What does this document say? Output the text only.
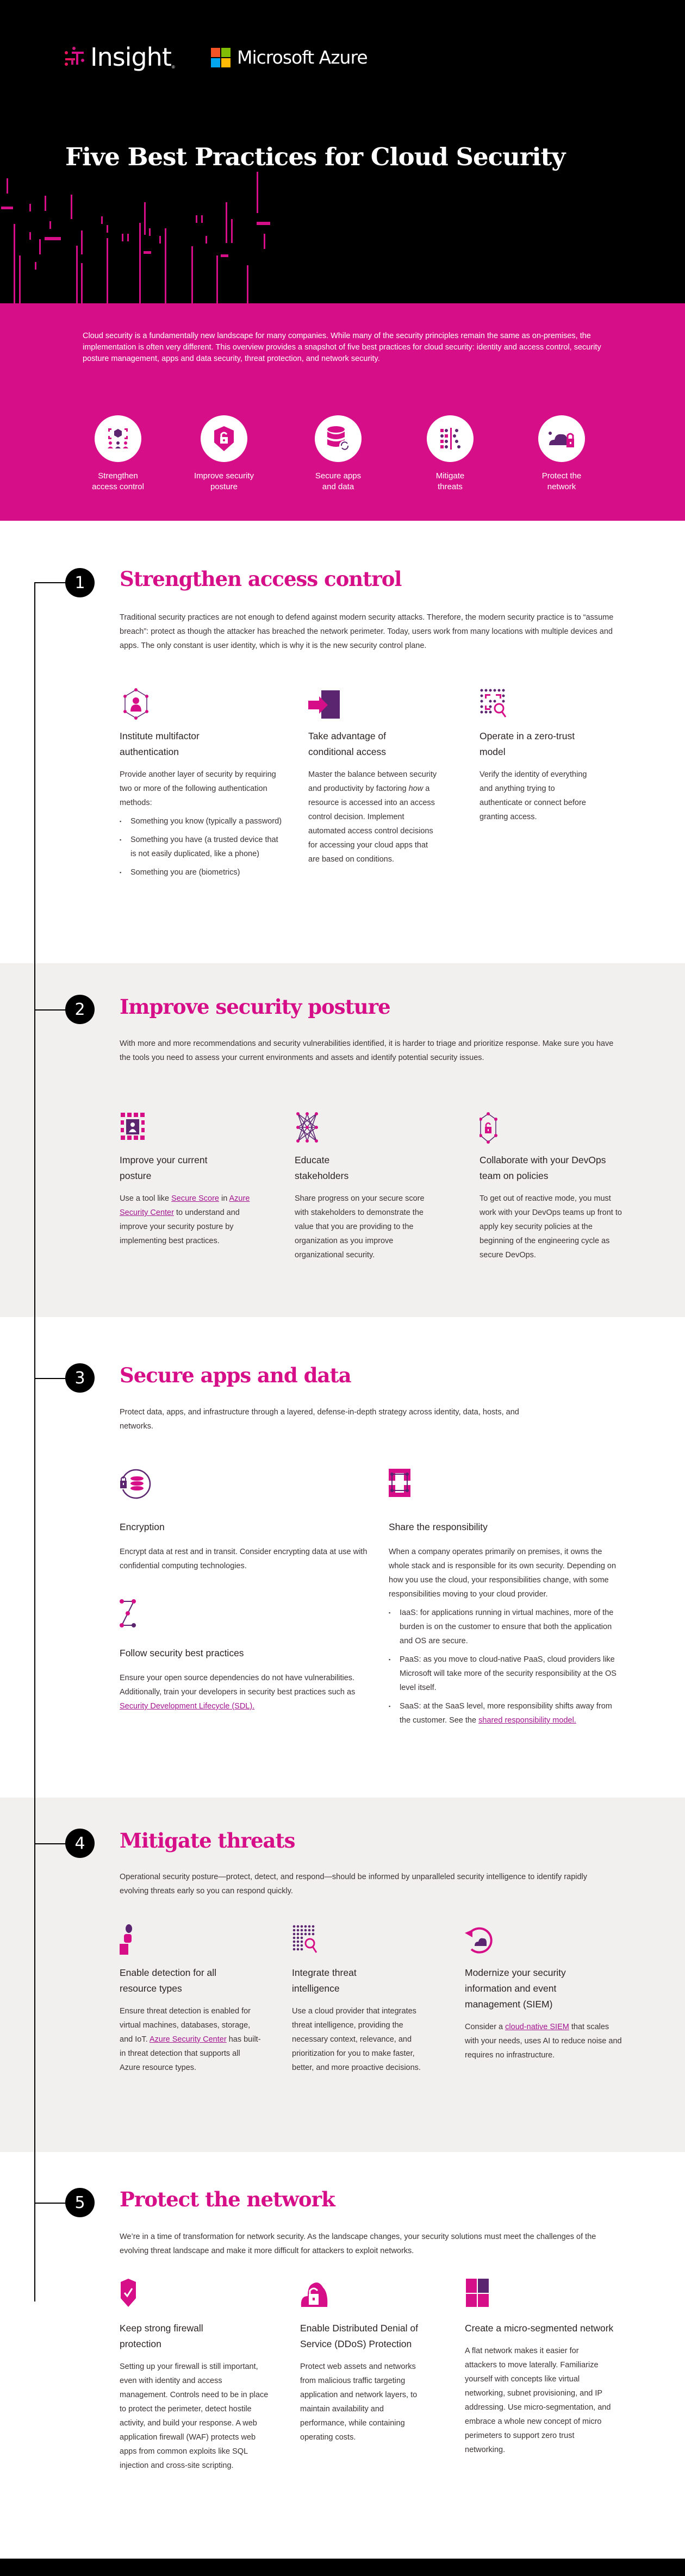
Insight ®	Microsoft Azure
Five Best Practices for Cloud Security

Cloud security is a fundamentally new landscape for many companies. While many of the security principles remain the same as on-premises, the implementation is often very different. This overview provides a snapshot of five best practices for cloud security: identity and access control, security posture management, apps and data security, threat protection, and network security.

Strengthen
access control
Improve security
posture
Secure apps
and data
Mitigate
threats
Protect the
network
1	Strengthen access control

Traditional security practices are not enough to defend against modern security attacks. Therefore, the modern security practice is to “assume breach”: protect as though the attacker has breached the network perimeter. Today, users work from many locations with multiple devices and apps. The only constant is user identity, which is why it is the new security control plane.

Institute multifactor authentication

Provide another layer of security by requiring two or more of the following authentication methods:

▪ Something you know (typically a password)
▪ Something you have (a trusted device that is not easily duplicated, like a phone)
▪ Something you are (biometrics)
Take advantage of conditional access

Master the balance between security and productivity by factoring how a resource is accessed into an access control decision. Implement automated access control decisions for accessing your cloud apps that are based on conditions.

Operate in a zero-trust model

Verify the identity of everything and anything trying to authenticate or connect before granting access.

2	Improve security posture

With more and more recommendations and security vulnerabilities identified, it is harder to triage and prioritize response. Make sure you have the tools you need to assess your current environments and assets and identify potential security issues.

Improve your current posture

Use a tool like Secure Score in Azure Security Center to understand and improve your security posture by implementing best practices.

Educate stakeholders

Share progress on your secure score with stakeholders to demonstrate the value that you are providing to the organization as you improve organizational security.

Collaborate with your DevOps team on policies

To get out of reactive mode, you must work with your DevOps teams up front to apply key security policies at the beginning of the engineering cycle as secure DevOps.

3	Secure apps and data

Protect data, apps, and infrastructure through a layered, defense-in-depth strategy across identity, data, hosts, and networks.

Encryption

Encrypt data at rest and in transit. Consider encrypting data at use with confidential computing technologies.

Follow security best practices

Ensure your open source dependencies do not have vulnerabilities. Additionally, train your developers in security best practices such as Security Development Lifecycle (SDL).

Share the responsibility

When a company operates primarily on premises, it owns the whole stack and is responsible for its own security. Depending on how you use the cloud, your responsibilities change, with some responsibilities moving to your cloud provider.

▪ IaaS: for applications running in virtual machines, more of the burden is on the customer to ensure that both the application and OS are secure.
▪ PaaS: as you move to cloud-native PaaS, cloud providers like Microsoft will take more of the security responsibility at the OS level itself.
▪ SaaS: at the SaaS level, more responsibility shifts away from the customer. See the shared responsibility model.
4	Mitigate threats

Operational security posture—protect, detect, and respond—should be informed by unparalleled security intelligence to identify rapidly evolving threats early so you can respond quickly.

Enable detection for all resource types

Ensure threat detection is enabled for virtual machines, databases, storage, and IoT. Azure Security Center has built-in threat detection that supports all Azure resource types.

Integrate threat intelligence

Use a cloud provider that integrates threat intelligence, providing the necessary context, relevance, and prioritization for you to make faster, better, and more proactive decisions.

Modernize your security information and event management (SIEM)

Consider a cloud-native SIEM that scales with your needs, uses AI to reduce noise and requires no infrastructure.

5	Protect the network

We’re in a time of transformation for network security. As the landscape changes, your security solutions must meet the challenges of the evolving threat landscape and make it more difficult for attackers to exploit networks.

Keep strong firewall protection

Setting up your firewall is still important, even with identity and access management. Controls need to be in place to protect the perimeter, detect hostile activity, and build your response. A web application firewall (WAF) protects web apps from common exploits like SQL injection and cross-site scripting.

Enable Distributed Denial of Service (DDoS) Protection

Protect web assets and networks from malicious traffic targeting application and network layers, to maintain availability and performance, while containing operating costs.

Create a micro-segmented network

A flat network makes it easier for attackers to move laterally. Familiarize yourself with concepts like virtual networking, subnet provisioning, and IP addressing. Use micro-segmentation, and embrace a whole new concept of micro perimeters to support zero trust networking.
